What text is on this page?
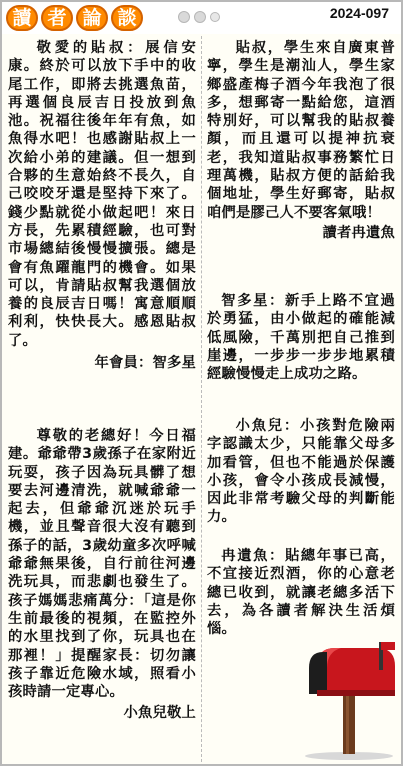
讀 者 論 談	2024-097

敬愛的貼叔：展信安康。終於可以放下手中的收尾工作，即將去挑選魚苗，再選個良辰吉日投放到魚池。祝福往後年年有魚，如魚得水吧！也感謝貼叔上一次給小弟的建議。但一想到合夥的生意始終不長久，自己咬咬牙還是堅持下來了。錢少點就從小做起吧！來日方長，先累積經驗，也可對市場總結後慢慢擴張。總是會有魚躍龍門的機會。如果可以，肯請貼叔幫我選個放養的良辰吉日嗎！寓意順順利利，快快長大。感恩貼叔了。

年會員：智多星

尊敬的老總好！今日福建。爺爺帶3歲孫子在家附近玩耍，孩子因為玩具髒了想要去河邊清洗，就喊爺爺一起去，但爺爺沉迷於玩手機，並且聲音很大沒有聽到孫子的話，3歲幼童多次呼喊爺爺無果後，自行前往河邊洗玩具，而悲劇也發生了。孩子媽媽悲痛萬分：「這是你生前最後的視頻，在監控外的水里找到了你，玩具也在那裡！」提醒家長：切勿讓孩子靠近危險水域，照看小孩時請一定專心。

小魚兒敬上

貼叔，學生來自廣東普寧，學生是潮汕人，學生家鄉盛產梅子酒今年我泡了很多，想郵寄一點給您，這酒特別好，可以幫我的貼叔養顏，而且還可以提神抗衰老，我知道貼叔事務繁忙日理萬機，貼叔方便的話給我個地址，學生好郵寄，貼叔咱們是膠己人不要客氣哦！

讀者冉遺魚

智多星：新手上路不宜過於勇猛，由小做起的確能減低風險，千萬別把自己推到崖邊，一步步一步步地累積經驗慢慢走上成功之路。

小魚兒：小孩對危險兩字認識太少，只能靠父母多加看管，但也不能過於保護小孩，會令小孩成長減慢，因此非常考驗父母的判斷能力。

冉遺魚：貼總年事已高，不宜接近烈酒，你的心意老總已收到，就讓老總多活下去，為各讀者解決生活煩惱。
